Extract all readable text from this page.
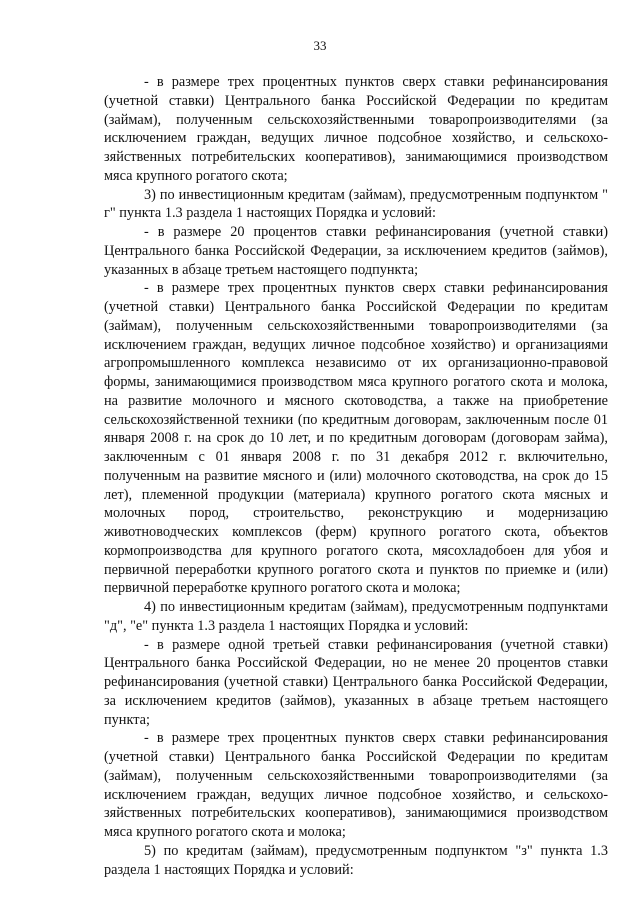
33

- в размере трех процентных пунктов сверх ставки рефинансирования (учетной ставки) Центрального банка Российской Федерации по кредитам (займам), полученным сельскохозяйственными товаропроизводителями (за исключением граждан, ведущих личное подсобное хозяйство, и сельскохозяйственных потребительских кооперативов), занимающимися производством мяса крупного рогатого скота;

3) по инвестиционным кредитам (займам), предусмотренным подпунктом " г" пункта 1.3 раздела 1 настоящих Порядка и условий:

- в размере 20 процентов ставки рефинансирования (учетной ставки) Центрального банка Российской Федерации, за исключением кредитов (займов), указанных в абзаце третьем настоящего подпункта;

- в размере трех процентных пунктов сверх ставки рефинансирования (учетной ставки) Центрального банка Российской Федерации по кредитам (займам), полученным сельскохозяйственными товаропроизводителями (за исключением граждан, ведущих личное подсобное хозяйство) и организациями агропромышленного комплекса независимо от их организационно-правовой формы, занимающимися производством мяса крупного рогатого скота и молока, на развитие молочного и мясного скотоводства, а также на приобретение сельскохозяйственной техники (по кредитным договорам, заключенным после 01 января 2008 г. на срок до 10 лет, и по кредитным договорам (договорам займа), заключенным с 01 января 2008 г. по 31 декабря 2012 г. включительно, полученным на развитие мясного и (или) молочного скотоводства, на срок до 15 лет), племенной продукции (материала) крупного рогатого скота мясных и молочных пород, строительство, реконструкцию и модернизацию животноводческих комплексов (ферм) крупного рогатого скота, объектов кормопроизводства для крупного рогатого скота, мясохладобоен для убоя и первичной переработки крупного рогатого скота и пунктов по приемке и (или) первичной переработке крупного рогатого скота и молока;

4) по инвестиционным кредитам (займам), предусмотренным подпунктами "д", "е" пункта 1.3 раздела 1 настоящих Порядка и условий:

- в размере одной третьей ставки рефинансирования (учетной ставки) Центрального банка Российской Федерации, но не менее 20 процентов ставки рефинансирования (учетной ставки) Центрального банка Российской Федерации, за исключением кредитов (займов), указанных в абзаце третьем настоящего пункта;

- в размере трех процентных пунктов сверх ставки рефинансирования (учетной ставки) Центрального банка Российской Федерации по кредитам (займам), полученным сельскохозяйственными товаропроизводителями (за исключением граждан, ведущих личное подсобное хозяйство, и сельскохозяйственных потребительских кооперативов), занимающимися производством мяса крупного рогатого скота и молока;

5) по кредитам (займам), предусмотренным подпунктом "з" пункта 1.3 раздела 1 настоящих Порядка и условий:
